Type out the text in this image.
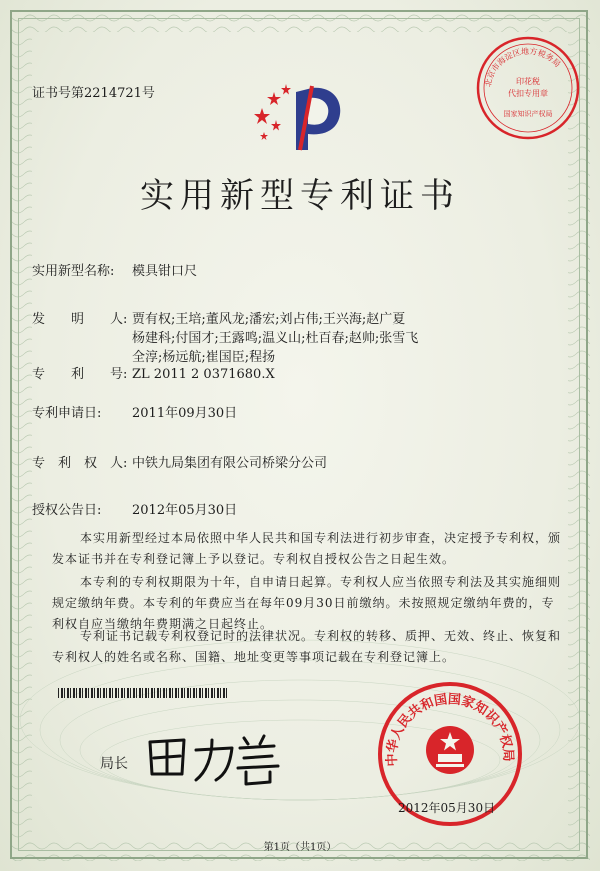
北京市海淀区地方税务局
印花税
代扣专用章
国家知识产权局
证书号第2214721号
实用新型专利证书
实用新型名称: 模具钳口尺
发　　明　　人: 贾有权;王培;董风龙;潘宏;刘占伟;王兴海;赵广夏
杨建科;付国才;王露鸣;温义山;杜百春;赵帅;张雪飞
全淳;杨远航;崔国臣;程扬
专　　利　　号: ZL 2011 2 0371680.X
专利申请日: 2011年09月30日
专　利　权　人: 中铁九局集团有限公司桥梁分公司
授权公告日: 2012年05月30日
本实用新型经过本局依照中华人民共和国专利法进行初步审查，决定授予专利权，颁发本证书并在专利登记簿上予以登记。专利权自授权公告之日起生效。
本专利的专利权期限为十年，自申请日起算。专利权人应当依照专利法及其实施细则规定缴纳年费。本专利的年费应当在每年09月30日前缴纳。未按照规定缴纳年费的，专利权自应当缴纳年费期满之日起终止。
专利证书记载专利权登记时的法律状况。专利权的转移、质押、无效、终止、恢复和专利权人的姓名或名称、国籍、地址变更等事项记载在专利登记簿上。
局长	中华人民共和国国家知识产权局
2012年05月30日
第1页（共1页）
